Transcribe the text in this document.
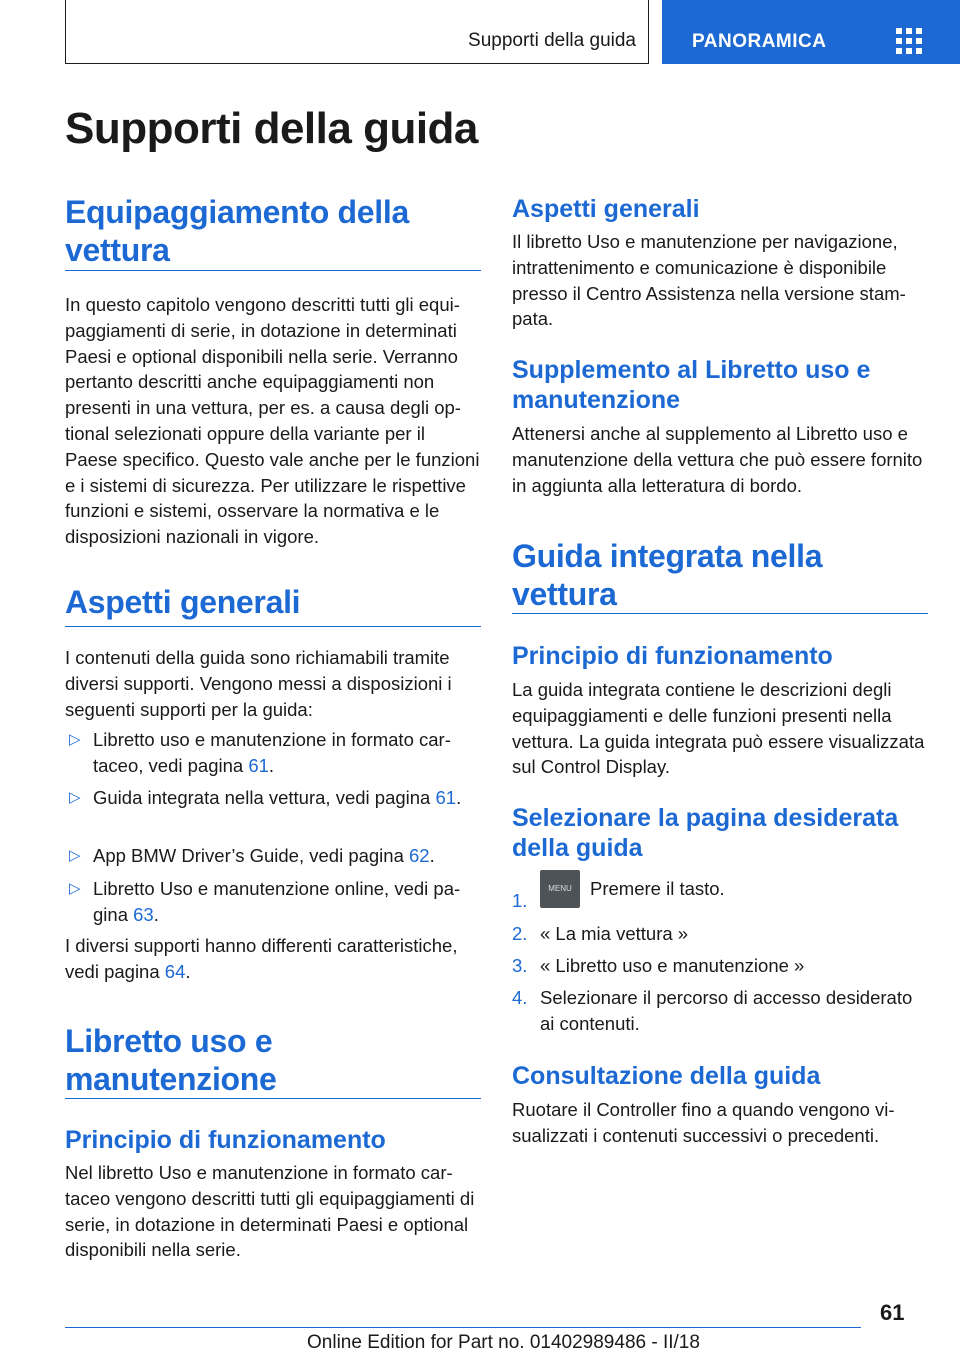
Supporti della guida	PANORAMICA
Supporti della guida
Equipaggiamento della vettura

In questo capitolo vengono descritti tutti gli equipaggiamenti di serie, in dotazione in determinati Paesi e optional disponibili nella serie. Verranno pertanto descritti anche equipaggiamenti non presenti in una vettura, per es. a causa degli optional selezionati oppure della variante per il Paese specifico. Questo vale anche per le funzioni e i sistemi di sicurezza. Per utilizzare le rispettive funzioni e sistemi, osservare la normativa e le disposizioni nazionali in vigore.

Aspetti generali

I contenuti della guida sono richiamabili tramite diversi supporti. Vengono messi a disposizioni i seguenti supporti per la guida:

▷ Libretto uso e manutenzione in formato cartaceo, vedi pagina 61.
▷ Guida integrata nella vettura, vedi pagina 61.
▷ App BMW Driver’s Guide, vedi pagina 62.
▷ Libretto Uso e manutenzione online, vedi pagina 63.

I diversi supporti hanno differenti caratteristiche, vedi pagina 64.

Libretto uso e manutenzione
Principio di funzionamento

Nel libretto Uso e manutenzione in formato cartaceo vengono descritti tutti gli equipaggiamenti di serie, in dotazione in determinati Paesi e optional disponibili nella serie.

Aspetti generali

Il libretto Uso e manutenzione per navigazione, intrattenimento e comunicazione è disponibile presso il Centro Assistenza nella versione stampata.

Supplemento al Libretto uso e manutenzione

Attenersi anche al supplemento al Libretto uso e manutenzione della vettura che può essere fornito in aggiunta alla letteratura di bordo.

Guida integrata nella vettura
Principio di funzionamento

La guida integrata contiene le descrizioni degli equipaggiamenti e delle funzioni presenti nella vettura. La guida integrata può essere visualizzata sul Control Display.

Selezionare la pagina desiderata della guida
1.
MENU Premere il tasto.
2. « La mia vettura »
3. « Libretto uso e manutenzione »
4. Selezionare il percorso di accesso desiderato ai contenuti.
Consultazione della guida

Ruotare il Controller fino a quando vengono visualizzati i contenuti successivi o precedenti.

61
Online Edition for Part no. 01402989486 - II/18
